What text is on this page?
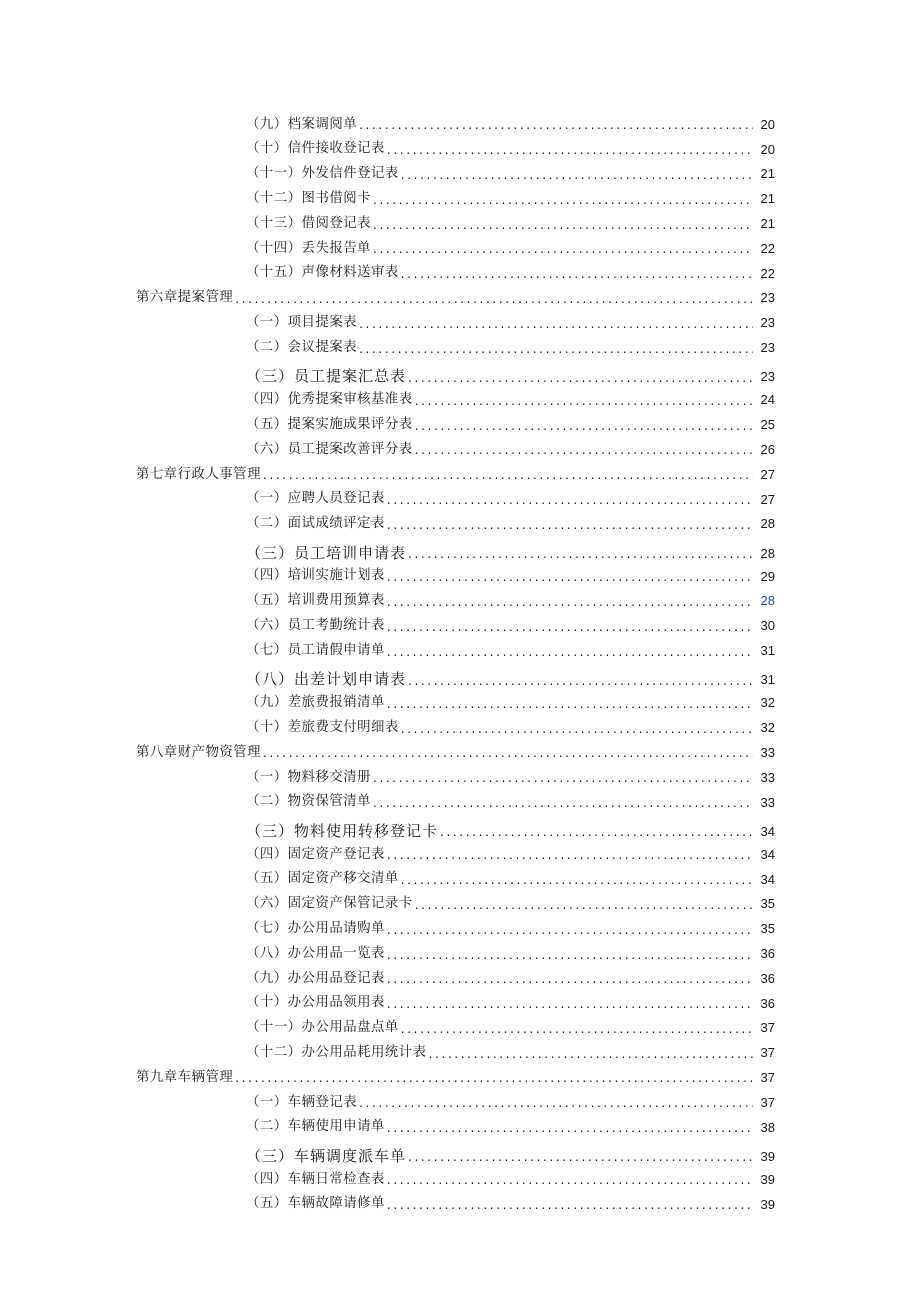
（九）档案调阅单 . . .	20
（十）信件接收登记表 . . .	20
（十一）外发信件登记表 . . .	21
（十二）图书借阅卡 . . .	21
（十三）借阅登记表 . . .	21
（十四）丢失报告单 . . .	22
（十五）声像材料送审表 . . .	22
第六章提案管理 . . .	23
（一）项目提案表 . . .	23
（二）会议提案表 . . .	23
（三）员工提案汇总表 . . .	23
（四）优秀提案审核基准表 . . .	24
（五）提案实施成果评分表 . . .	25
（六）员工提案改善评分表 . . .	26
第七章行政人事管理 . . .	27
（一）应聘人员登记表 . . .	27
（二）面试成绩评定表 . . .	28
（三）员工培训申请表 . . .	28
（四）培训实施计划表 . . .	29
（五）培训费用预算表 . . .	28
（六）员工考勤统计表 . . .	30
（七）员工请假申请单 . . .	31
（八）出差计划申请表 . . .	31
（九）差旅费报销清单 . . .	32
（十）差旅费支付明细表 . . .	32
第八章财产物资管理 . . .	33
（一）物料移交清册 . . .	33
（二）物资保管清单 . . .	33
（三）物料使用转移登记卡 . . .	34
（四）固定资产登记表 . . .	34
（五）固定资产移交清单 . . .	34
（六）固定资产保管记录卡 . . .	35
（七）办公用品请购单 . . .	35
（八）办公用品一览表 . . .	36
（九）办公用品登记表 . . .	36
（十）办公用品领用表 . . .	36
（十一）办公用品盘点单 . . .	37
（十二）办公用品耗用统计表 . . .	37
第九章车辆管理 . . .	37
（一）车辆登记表 . . .	37
（二）车辆使用申请单 . . .	38
（三）车辆调度派车单 . . .	39
（四）车辆日常检查表 . . .	39
（五）车辆故障请修单 . . .	39
